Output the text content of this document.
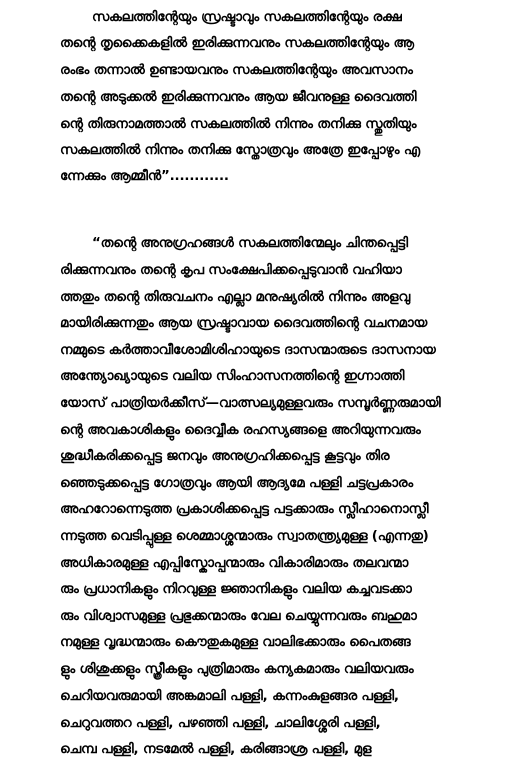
സകലത്തിന്റേയും സ്രഷ്ടാവും സകലത്തിന്റേയും രക്ഷ
തന്റെ തൃക്കൈകളിൽ ഇരിക്കുന്നവനും സകലത്തിന്റേയും ആ
രംഭം തന്നാൽ ഉണ്ടായവനും സകലത്തിന്റേയും അവസാനം
തന്റെ അടുക്കൽ ഇരിക്കുന്നവനും ആയ ജീവനുള്ള ദൈവത്തി
ന്റെ തിരുനാമത്താൽ സകലത്തിൽ നിന്നും തനിക്കു സ്തുതിയും
സകലത്തിൽ നിന്നും തനിക്കു സ്തോത്രവും അത്രേ ഇപ്പോഴും എ
ന്നേക്കും ആമ്മീൻ”............
“തന്റെ അനുഗ്രഹങ്ങൾ സകലത്തിന്മേലും ചിന്തപ്പെട്ടി
രിക്കുന്നവനും തന്റെ കൃപ സംക്ഷേപിക്കപ്പെടുവാൻ വഹിയാ
ത്തതും തന്റെ തിരുവചനം എല്ലാ മനുഷ്യരിൽ നിന്നും അളവു
മായിരിക്കുന്നതും ആയ സ്രഷ്ടാവായ ദൈവത്തിന്റെ വചനമായ
നമ്മുടെ കർത്താവീശോമിശിഹായുടെ ദാസന്മാരുടെ ദാസനായ
അന്ത്യോഖ്യായുടെ വലിയ സിംഹാസനത്തിന്റെ ഇഗ്നാത്തി
യോസ് പാത്രിയർക്കീസ്—വാത്സല്യമുള്ളവരും സമ്പൂർണ്ണരുമായി
ന്റെ അവകാശികളും ദൈവ്വീക രഹസ്യങ്ങളെ അറിയുന്നവരും
ശുദ്ധീകരിക്കപ്പെട്ട ജനവും അനുഗ്രഹിക്കപ്പെട്ട കൂട്ടവും തിര
ഞ്ഞെടുക്കപ്പെട്ട ഗോത്രവും ആയി ആദ്യമേ പള്ളി ചട്ടപ്രകാരം
അഹറോന്നെടുത്ത പ്രകാശിക്കപ്പെട്ട പട്ടക്കാരും സ്ലീഹാനൊസ്ലീ
ന്നടുത്ത വെടിപ്പുള്ള ശെമ്മാശ്ശന്മാരും സ്വാതന്ത്ര്യമുള്ള (എന്നതു)
അധികാരമുള്ള എപ്പിസ്കോപ്പന്മാരും വികാരിമാരും തലവന്മാ
രും പ്രധാനികളും നിറവുള്ള ജ്ഞാനികളും വലിയ കച്ചവടക്കാ
രും വിശ്വാസമുള്ള പ്രഭുക്കന്മാരും വേല ചെയ്യുന്നവരും ബഹുമാ
നമുള്ള വൃദ്ധന്മാരും കൌതുകമുള്ള വാലിഭക്കാരും പൈതങ്ങ
ളും ശിശുക്കളും സ്ത്രീകളും പുത്രിമാരും കന്യകമാരും വലിയവരും
ചെറിയവരുമായി അങ്കമാലി പള്ളി, കന്നംകുളങ്ങര പള്ളി,
ചെറുവത്തറ പള്ളി, പഴഞ്ഞി പള്ളി, ചാലിശ്ശേരി പള്ളി,
ചെമ്പ പള്ളി, നടമേൽ പള്ളി, കരിങ്ങാശ്ര പള്ളി, മുള
